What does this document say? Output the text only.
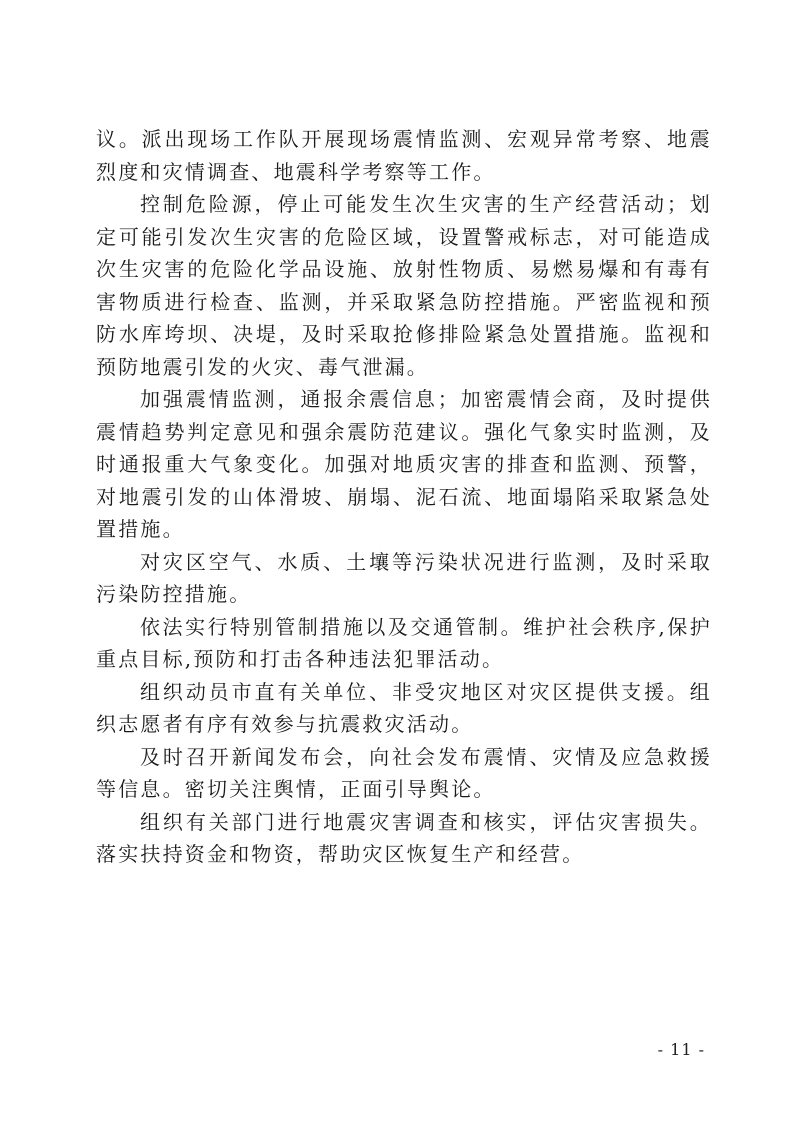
议。派出现场工作队开展现场震情监测、宏观异常考察、地震烈度和灾情调查、地震科学考察等工作。

控制危险源，停止可能发生次生灾害的生产经营活动；划定可能引发次生灾害的危险区域，设置警戒标志，对可能造成次生灾害的危险化学品设施、放射性物质、易燃易爆和有毒有害物质进行检查、监测，并采取紧急防控措施。严密监视和预防水库垮坝、决堤，及时采取抢修排险紧急处置措施。监视和预防地震引发的火灾、毒气泄漏。

加强震情监测，通报余震信息；加密震情会商，及时提供震情趋势判定意见和强余震防范建议。强化气象实时监测，及时通报重大气象变化。加强对地质灾害的排查和监测、预警，对地震引发的山体滑坡、崩塌、泥石流、地面塌陷采取紧急处置措施。

对灾区空气、水质、土壤等污染状况进行监测，及时采取污染防控措施。

依法实行特别管制措施以及交通管制。维护社会秩序,保护重点目标,预防和打击各种违法犯罪活动。

组织动员市直有关单位、非受灾地区对灾区提供支援。组织志愿者有序有效参与抗震救灾活动。

及时召开新闻发布会，向社会发布震情、灾情及应急救援等信息。密切关注舆情，正面引导舆论。

组织有关部门进行地震灾害调查和核实，评估灾害损失。落实扶持资金和物资，帮助灾区恢复生产和经营。

- 11 -
